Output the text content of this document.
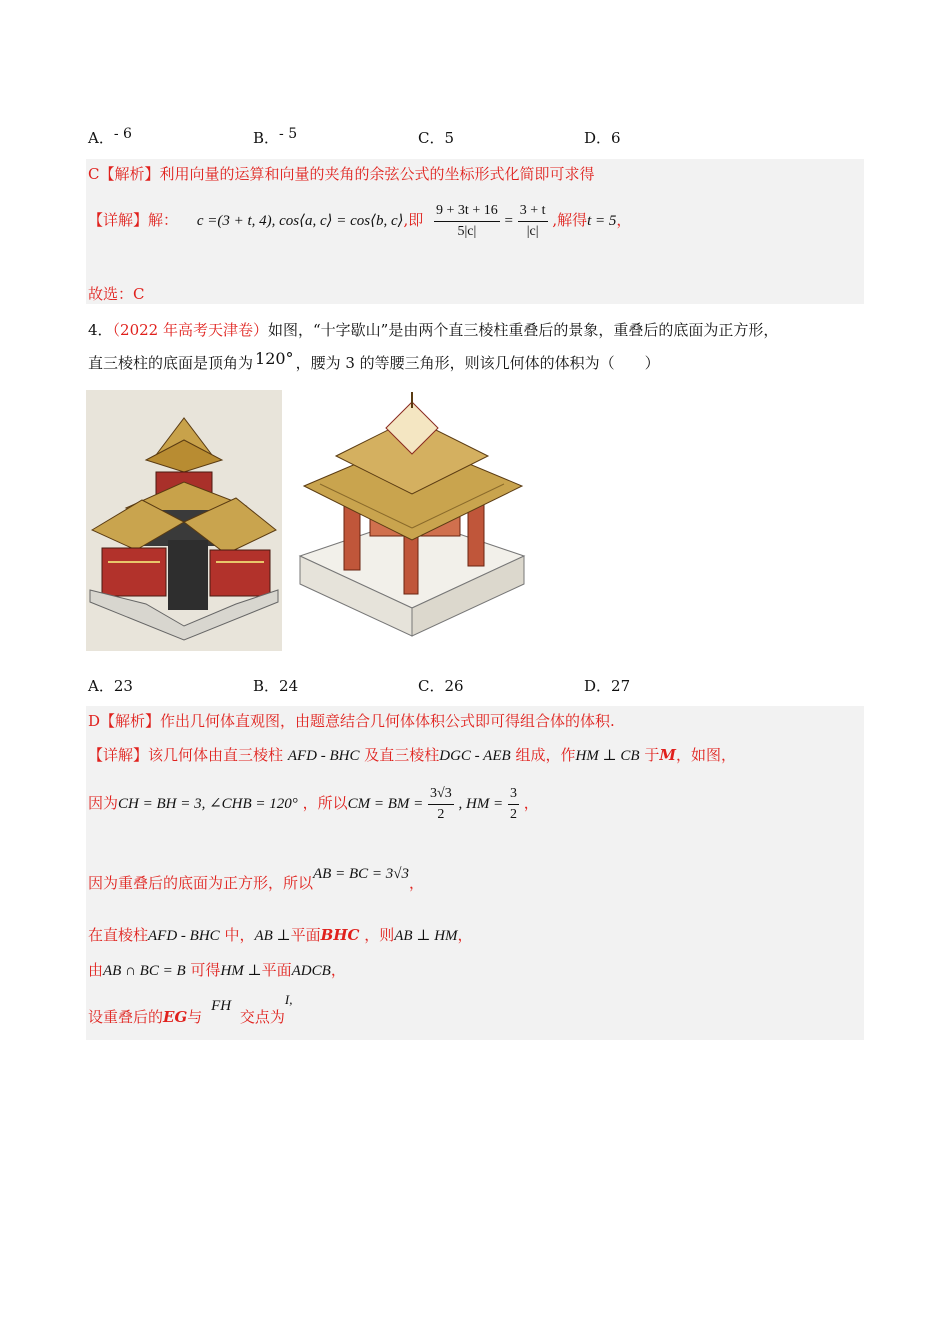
A．- 6	B．- 5	C．5	D．6
C【解析】利用向量的运算和向量的夹角的余弦公式的坐标形式化简即可求得
【详解】解： c =(3 + t, 4), cos⟨a, c⟩ = cos⟨b, c⟩,即 $\frac{9 + 3t + 16}{5|c|} = \frac{3 + t}{|c|}$ ,解得t = 5，
故选：C
4．（2022 年高考天津卷）如图，“十字歇山”是由两个直三棱柱重叠后的景象，重叠后的底面为正方形，
直三棱柱的底面是顶角为 120° ，腰为 3 的等腰三角形，则该几何体的体积为（　　）
A．23	B．24	C．26	D．27
D【解析】作出几何体直观图，由题意结合几何体体积公式即可得组合体的体积.
【详解】该几何体由直三棱柱 AFD - BHC 及直三棱柱DGC - AEB 组成，作HM ⊥ CB 于M，如图，
因为CH = BH = 3, ∠CHB = 120° ，所以CM = BM = $\frac{3√3}{2}$ , HM = $\frac{3}{2}$ ，
因为重叠后的底面为正方形，所以AB = BC = 3√3，
在直棱柱AFD - BHC 中，AB ⊥平面BHC ，则AB ⊥ HM，
由AB ∩ BC = B 可得HM ⊥平面ADCB，
设重叠后的EG与 FH 交点为I,
